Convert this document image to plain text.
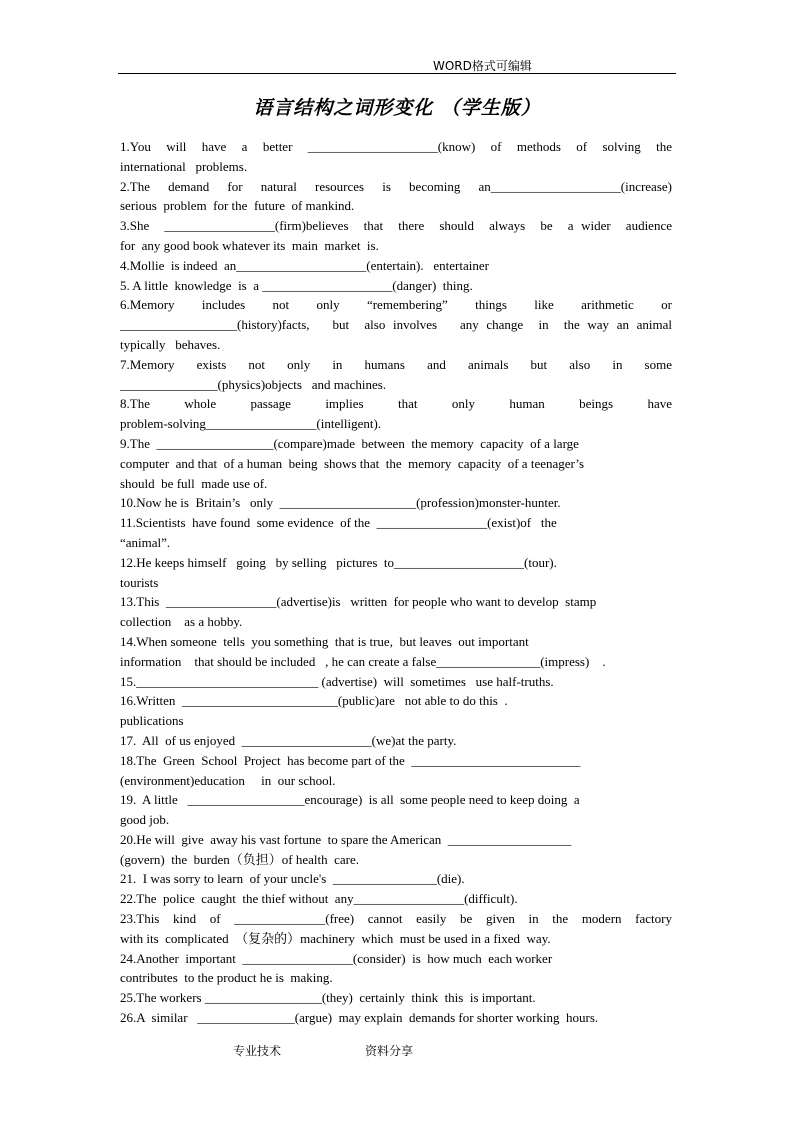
WORD格式可编辑
语言结构之词形变化 （学生版）
1.You  will  have  a  better  ____________________(know)  of  methods  of  solving  the
international   problems.
2.The  demand  for  natural  resources  is  becoming  an____________________(increase)
serious  problem  for the  future  of mankind.
3.She  _________________(firm)believes  that  there  should  always  be  a wider  audience
for  any good book whatever its  main  market  is.
4.Mollie  is indeed  an____________________(entertain).   entertainer
5. A little  knowledge  is  a ____________________(danger)  thing.
6.Memory  includes  not  only  “remembering”  things  like  arithmetic  or
__________________(history)facts,   but  also involves   any change  in  the way an animal
typically   behaves.
7.Memory  exists  not  only  in  humans  and  animals  but  also  in  some
_______________(physics)objects   and machines.
8.The  whole  passage  implies  that  only  human  beings  have
problem-solving_________________(intelligent).
9.The  __________________(compare)made  between  the memory  capacity  of a large
computer  and that  of a human  being  shows that  the  memory  capacity  of a teenager’s
should  be full  made use of.
10.Now he is  Britain’s   only  _____________________(profession)monster-hunter.
11.Scientists  have found  some evidence  of the  _________________(exist)of   the
“animal”.
12.He keeps himself   going   by selling   pictures  to____________________(tour).
tourists
13.This  _________________(advertise)is   written  for people who want to develop  stamp
collection    as a hobby.
14.When someone  tells  you something  that is true,  but leaves  out important
information    that should be included   , he can create a false________________(impress)    .
15.____________________________ (advertise)  will  sometimes   use half-truths.
16.Written  ________________________(public)are   not able to do this  .
publications
17.  All  of us enjoyed  ____________________(we)at the party.
18.The  Green  School  Project  has become part of the  __________________________
(environment)education     in  our school.
19.  A little   __________________encourage)  is all  some people need to keep doing  a
good job.
20.He will  give  away his vast fortune  to spare the American  ___________________
(govern)  the  burden（负担）of health  care.
21.  I was sorry to learn  of your uncle's  ________________(die).
22.The  police  caught  the thief without  any_________________(difficult).
23.This  kind  of  ______________(free)  cannot  easily  be  given  in  the  modern  factory
with its  complicated  （复杂的）machinery  which  must be used in a fixed  way.
24.Another  important  _________________(consider)  is  how much  each worker
contributes  to the product he is  making.
25.The workers __________________(they)  certainly  think  this  is important.
26.A  similar   _______________(argue)  may explain  demands for shorter working  hours.
专业技术	资料分享
